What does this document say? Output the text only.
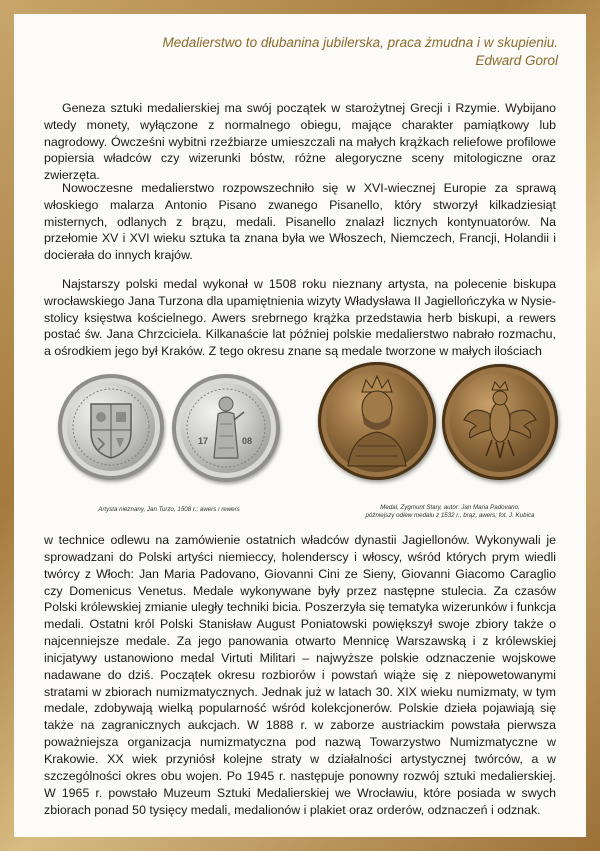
Medalierstwo to dłubanina jubilerska, praca żmudna i w skupieniu.
Edward Gorol

Geneza sztuki medalierskiej ma swój początek w starożytnej Grecji i Rzymie. Wybijano wtedy monety, wyłączone z normalnego obiegu, mające charakter pamiątkowy lub nagrodowy. Ówcześni wybitni rzeźbiarze umieszczali na małych krążkach reliefowe profilowe popiersia władców czy wizerunki bóstw, różne alegoryczne sceny mitologiczne oraz zwierzęta.

Nowoczesne medalierstwo rozpowszechniło się w XVI-wiecznej Europie za sprawą włoskiego malarza Antonio Pisano zwanego Pisanello, który stworzył kilkadziesiąt misternych, odlanych z brązu, medali. Pisanello znalazł licznych kontynuatorów. Na przełomie XV i XVI wieku sztuka ta znana była we Włoszech, Niemczech, Francji, Holandii i docierała do innych krajów.

Najstarszy polski medal wykonał w 1508 roku nieznany artysta, na polecenie biskupa wrocławskiego Jana Turzona dla upamiętnienia wizyty Władysława II Jagiellończyka w Nysie-stolicy księstwa kościelnego. Awers srebrnego krążka przedstawia herb biskupi, a rewers postać św. Jana Chrzciciela. Kilkanaście lat później polskie medalierstwo nabrało rozmachu, a ośrodkiem jego był Kraków. Z tego okresu znane są medale tworzone w małych ilościach

17	08
Artysta nieznany, Jan Turzo, 1508 r.; awers i rewers	Medal, Zygmunt Stary, autor: Jan Maria Padovano,
późniejszy odlew medalu z 1532 r., brąz, awers; fot. J. Kubica

w technice odlewu na zamówienie ostatnich władców dynastii Jagiellonów. Wykonywali je sprowadzani do Polski artyści niemieccy, holenderscy i włoscy, wśród których prym wiedli twórcy z Włoch: Jan Maria Padovano, Giovanni Cini ze Sieny, Giovanni Giacomo Caraglio czy Domenicus Venetus. Medale wykonywane były przez następne stulecia. Za czasów Polski królewskiej zmianie uległy techniki bicia. Poszerzyła się tematyka wizerunków i funkcja medali. Ostatni król Polski Stanisław August Poniatowski powiększył swoje zbiory także o najcenniejsze medale. Za jego panowania otwarto Mennicę Warszawską i z królewskiej inicjatywy ustanowiono medal Virtuti Militari – najwyższe polskie odznaczenie wojskowe nadawane do dziś. Początek okresu rozbiorów i powstań wiąże się z niepowetowanymi stratami w zbiorach numizmatycznych. Jednak już w latach 30. XIX wieku numizmaty, w tym medale, zdobywają wielką popularność wśród kolekcjonerów. Polskie dzieła pojawiają się także na zagranicznych aukcjach. W 1888 r. w zaborze austriackim powstała pierwsza poważniejsza organizacja numizmatyczna pod nazwą Towarzystwo Numizmatyczne w Krakowie. XX wiek przyniósł kolejne straty w działalności artystycznej twórców, a w szczególności okres obu wojen. Po 1945 r. następuje ponowny rozwój sztuki medalierskiej. W 1965 r. powstało Muzeum Sztuki Medalierskiej we Wrocławiu, które posiada w swych zbiorach ponad 50 tysięcy medali, medalionów i plakiet oraz orderów, odznaczeń i odznak.
